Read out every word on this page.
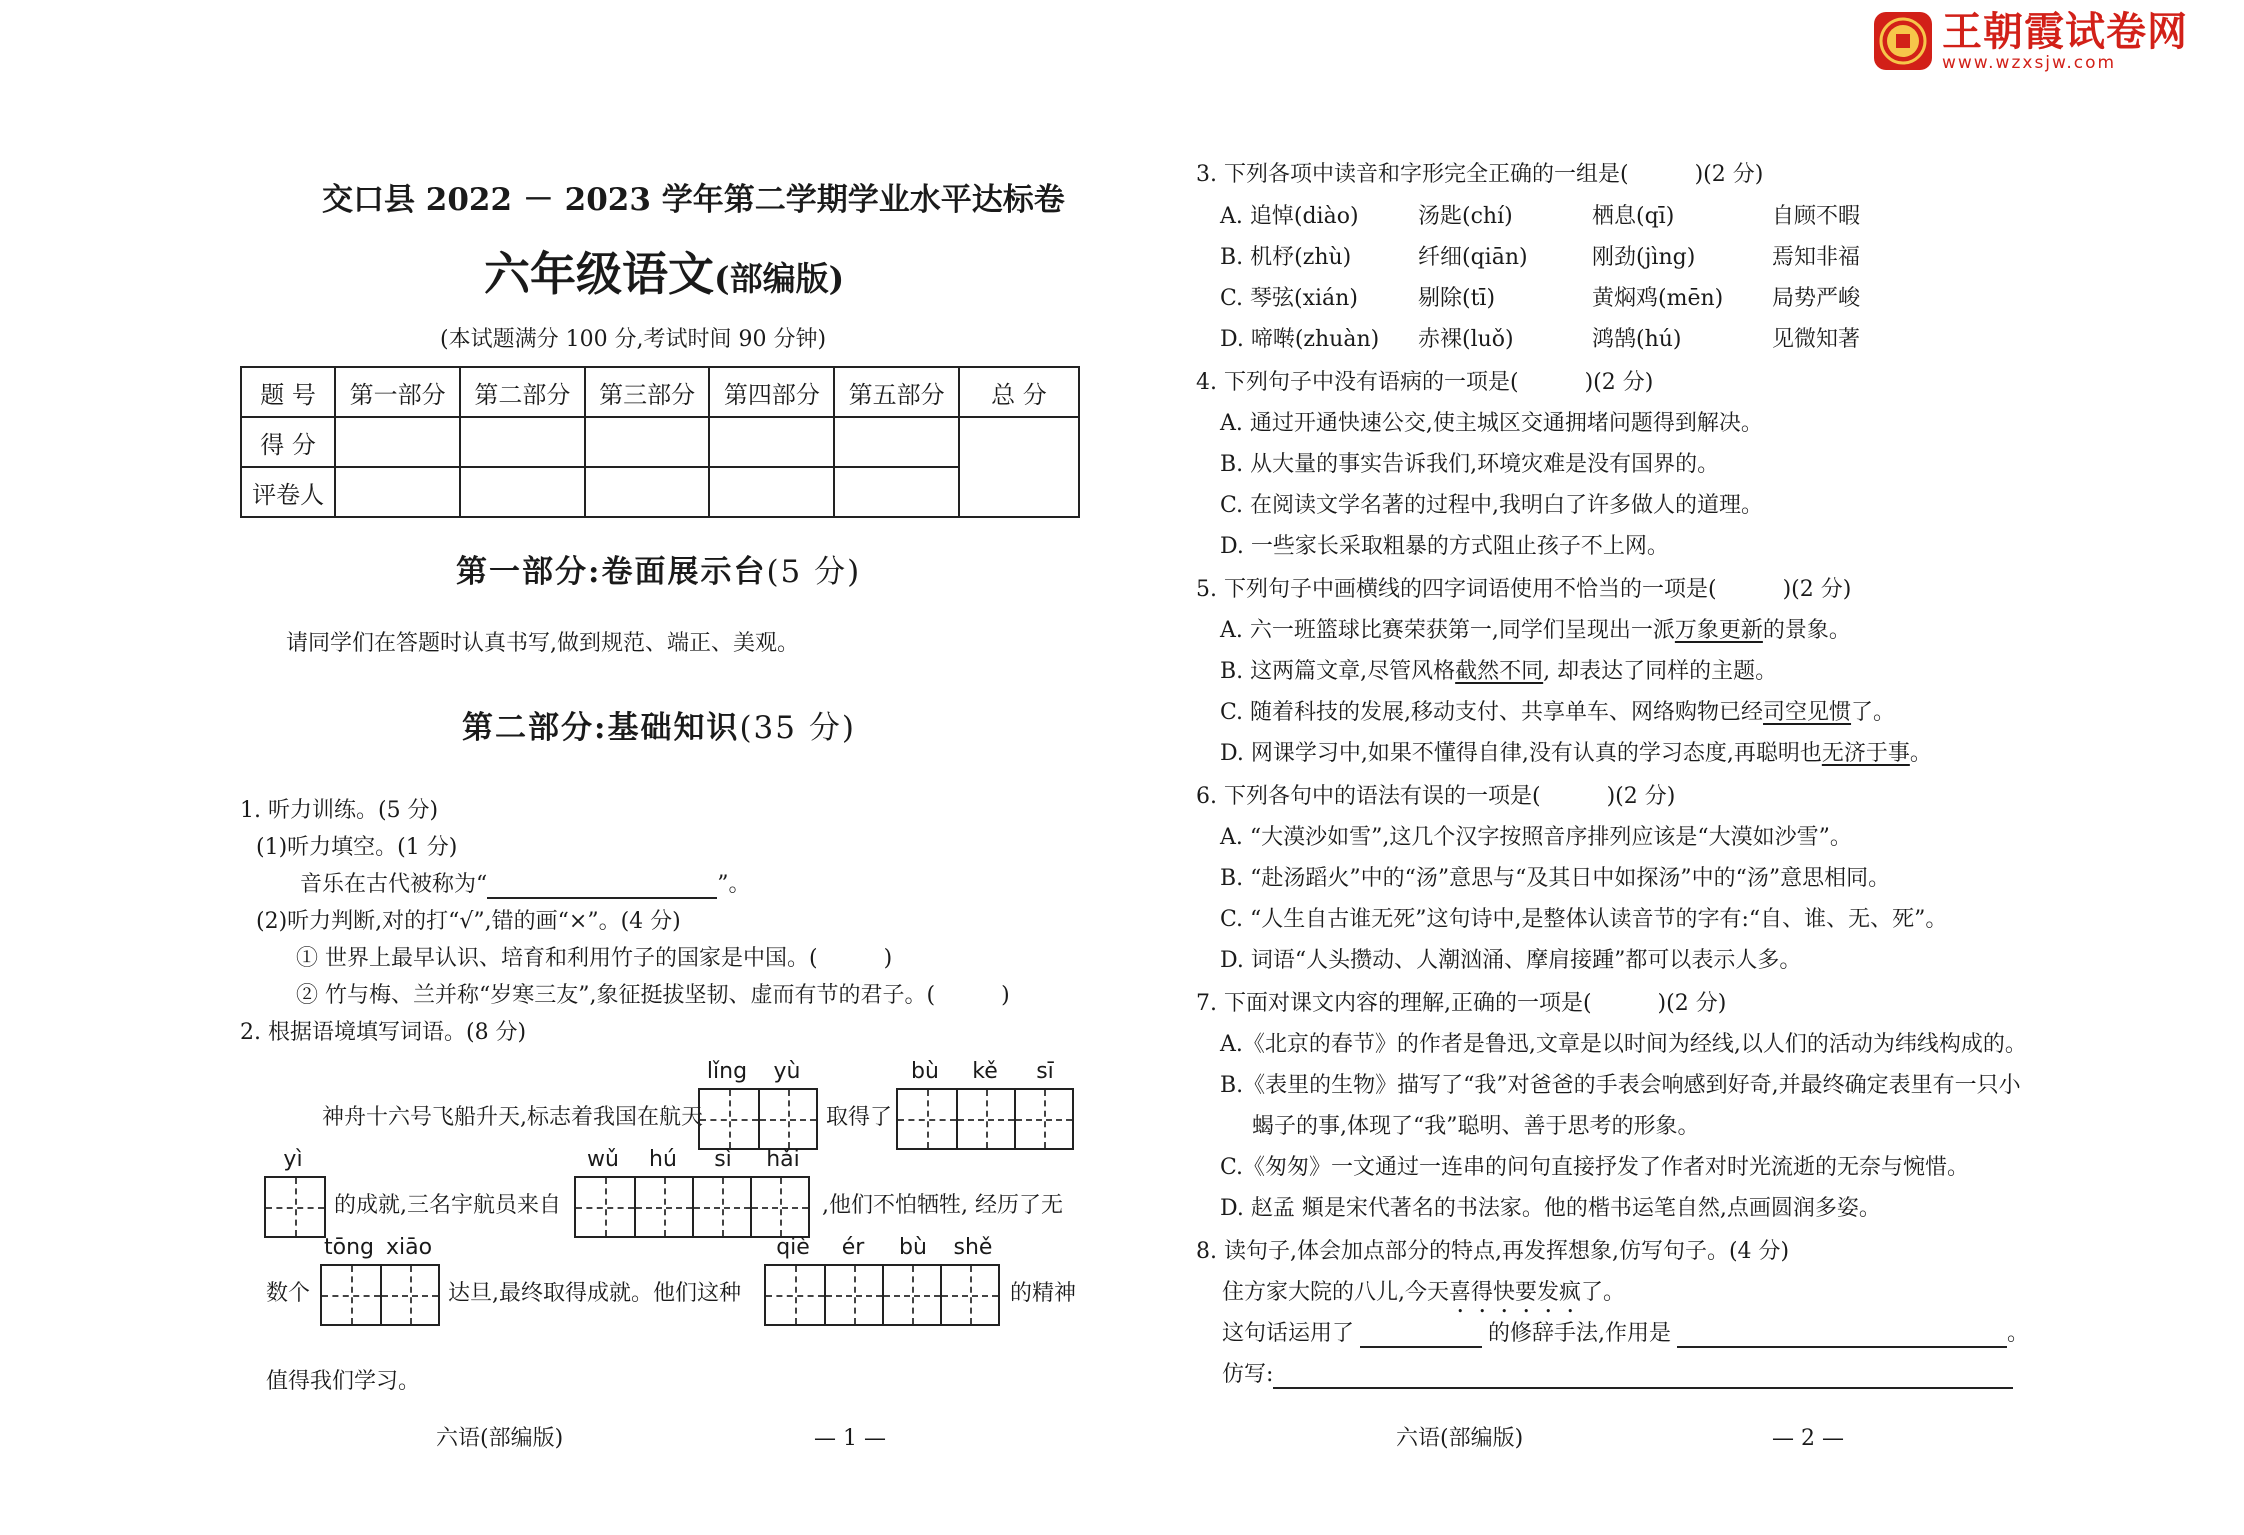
王朝霞试卷网
www.wzxsjw.com
交口县 2022 － 2023 学年第二学期学业水平达标卷
六年级语文(部编版)
(本试题满分 100 分,考试时间 90 分钟)
题 号	第一部分	第二部分	第三部分	第四部分	第五部分	总 分
得 分						
评卷人						
第一部分:卷面展示台(5 分)
请同学们在答题时认真书写,做到规范、端正、美观。
第二部分:基础知识(35 分)
1. 听力训练。(5 分)
(1)听力填空。(1 分)
音乐在古代被称为“	”。
(2)听力判断,对的打“√”,错的画“×”。(4 分)
① 世界上最早认识、培育和利用竹子的国家是中国。(　　　)
② 竹与梅、兰并称“岁寒三友”,象征挺拔坚韧、虚而有节的君子。(　　　)
2. 根据语境填写词语。(8 分)
lǐng	yù
神舟十六号飞船升天,标志着我国在航天	取得了
bù	kě	sī
yì
的成就,三名宇航员来自
wǔ	hú	sì	hǎi
,他们不怕牺牲, 经历了无
数个
tōng xiāo
达旦,最终取得成就。他们这种
qiè	ér	bù	shě
的精神
值得我们学习。
六语(部编版)	— 1 —
3. 下列各项中读音和字形完全正确的一组是(　　　)(2 分)
A. 追悼(diào)	汤匙(chí)	栖息(qī)	自顾不暇
B. 机杼(zhù)	纤细(qiān)	刚劲(jìng)	焉知非福
C. 琴弦(xián)	剔除(tī)	黄焖鸡(mēn) 局势严峻
D. 啼啭(zhuàn) 赤裸(luǒ)	鸿鹄(hú)	见微知著
4. 下列句子中没有语病的一项是(　　　)(2 分)
A. 通过开通快速公交,使主城区交通拥堵问题得到解决。
B. 从大量的事实告诉我们,环境灾难是没有国界的。
C. 在阅读文学名著的过程中,我明白了许多做人的道理。
D. 一些家长采取粗暴的方式阻止孩子不上网。
5. 下列句子中画横线的四字词语使用不恰当的一项是(　　　)(2 分)
A. 六一班篮球比赛荣获第一,同学们呈现出一派万象更新的景象。
B. 这两篇文章,尽管风格截然不同, 却表达了同样的主题。
C. 随着科技的发展,移动支付、共享单车、网络购物已经司空见惯了。
D. 网课学习中,如果不懂得自律,没有认真的学习态度,再聪明也无济于事。
6. 下列各句中的语法有误的一项是(　　　)(2 分)
A. “大漠沙如雪”,这几个汉字按照音序排列应该是“大漠如沙雪”。
B. “赴汤蹈火”中的“汤”意思与“及其日中如探汤”中的“汤”意思相同。
C. “人生自古谁无死”这句诗中,是整体认读音节的字有:“自、谁、无、死”。
D. 词语“人头攒动、人潮汹涌、摩肩接踵”都可以表示人多。
7. 下面对课文内容的理解,正确的一项是(　　　)(2 分)
A.《北京的春节》的作者是鲁迅,文章是以时间为经线,以人们的活动为纬线构成的。
B.《表里的生物》描写了“我”对爸爸的手表会响感到好奇,并最终确定表里有一只小
蝎子的事,体现了“我”聪明、善于思考的形象。
C.《匆匆》一文通过一连串的问句直接抒发了作者对时光流逝的无奈与惋惜。
D. 赵孟 頫是宋代著名的书法家。他的楷书运笔自然,点画圆润多姿。
8. 读句子,体会加点部分的特点,再发挥想象,仿写句子。(4 分)
住方家大院的八儿,今天喜得快要发疯了。
这句话运用了	的修辞手法,作用是	。
仿写:
六语(部编版)	— 2 —
